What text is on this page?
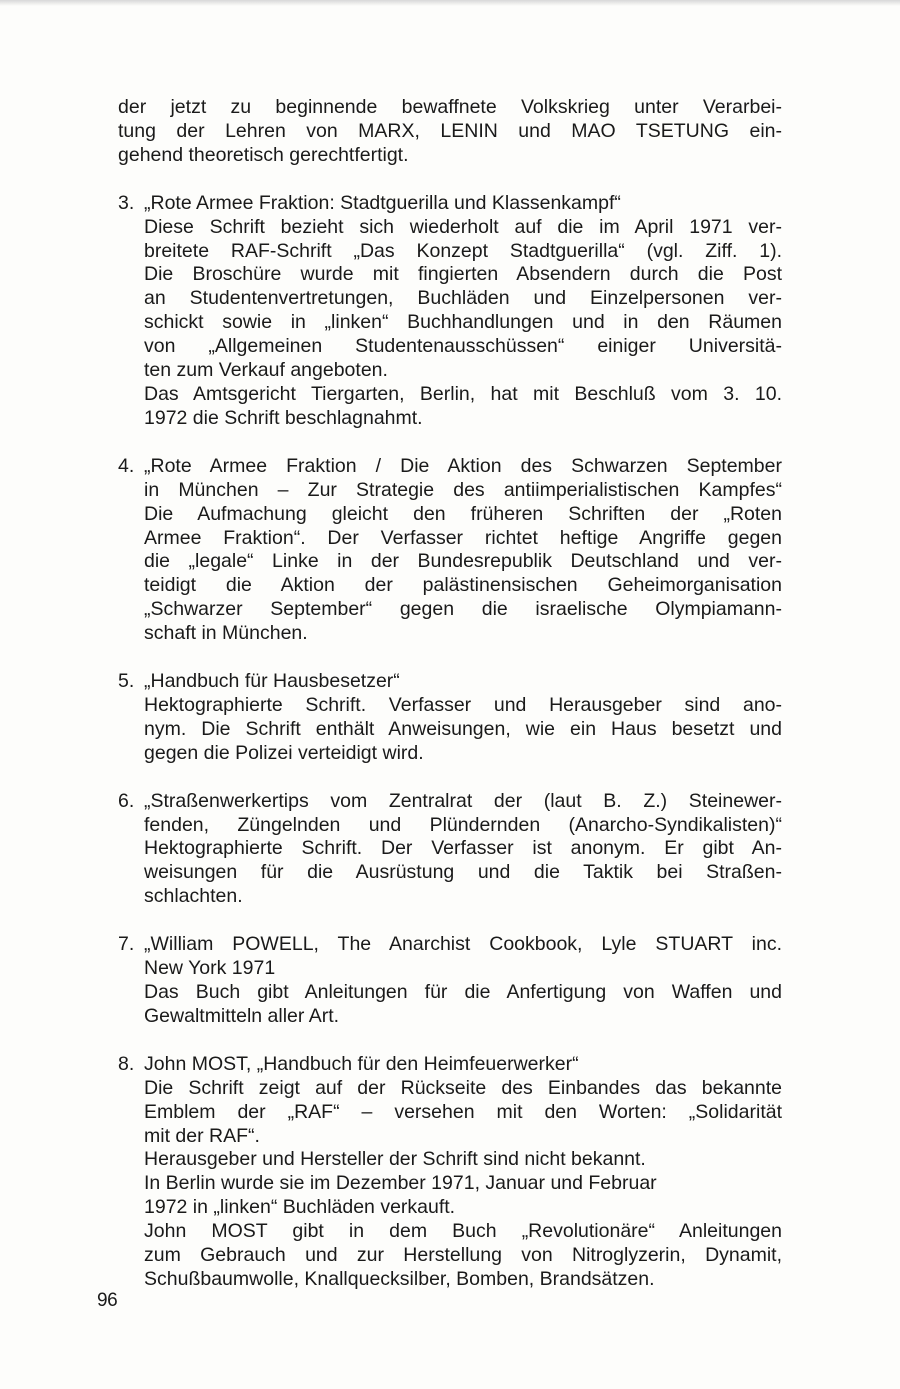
der jetzt zu beginnende bewaffnete Volkskrieg unter Verarbei-
tung der Lehren von MARX, LENIN und MAO TSETUNG ein-
gehend theoretisch gerechtfertigt.
3. „Rote Armee Fraktion: Stadtguerilla und Klassenkampf“
Diese Schrift bezieht sich wiederholt auf die im April 1971 ver-
breitete RAF-Schrift „Das Konzept Stadtguerilla“ (vgl. Ziff. 1).
Die Broschüre wurde mit fingierten Absendern durch die Post
an Studentenvertretungen, Buchläden und Einzelpersonen ver-
schickt sowie in „linken“ Buchhandlungen und in den Räumen
von „Allgemeinen Studentenausschüssen“ einiger Universitä-
ten zum Verkauf angeboten.
Das Amtsgericht Tiergarten, Berlin, hat mit Beschluß vom 3. 10.
1972 die Schrift beschlagnahmt.
4. „Rote Armee Fraktion / Die Aktion des Schwarzen September
in München – Zur Strategie des antiimperialistischen Kampfes“
Die Aufmachung gleicht den früheren Schriften der „Roten
Armee Fraktion“. Der Verfasser richtet heftige Angriffe gegen
die „legale“ Linke in der Bundesrepublik Deutschland und ver-
teidigt die Aktion der palästinensischen Geheimorganisation
„Schwarzer September“ gegen die israelische Olympiamann-
schaft in München.
5. „Handbuch für Hausbesetzer“
Hektographierte Schrift. Verfasser und Herausgeber sind ano-
nym. Die Schrift enthält Anweisungen, wie ein Haus besetzt und
gegen die Polizei verteidigt wird.
6. „Straßenwerkertips vom Zentralrat der (laut B. Z.) Steinewer-
fenden, Züngelnden und Plündernden (Anarcho-Syndikalisten)“
Hektographierte Schrift. Der Verfasser ist anonym. Er gibt An-
weisungen für die Ausrüstung und die Taktik bei Straßen-
schlachten.
7. „William POWELL, The Anarchist Cookbook, Lyle STUART inc.
New York 1971
Das Buch gibt Anleitungen für die Anfertigung von Waffen und
Gewaltmitteln aller Art.
8. John MOST, „Handbuch für den Heimfeuerwerker“
Die Schrift zeigt auf der Rückseite des Einbandes das bekannte
Emblem der „RAF“ – versehen mit den Worten: „Solidarität
mit der RAF“.
Herausgeber und Hersteller der Schrift sind nicht bekannt.
In Berlin wurde sie im Dezember 1971, Januar und Februar
1972 in „linken“ Buchläden verkauft.
John MOST gibt in dem Buch „Revolutionäre“ Anleitungen
zum Gebrauch und zur Herstellung von Nitroglyzerin, Dynamit,
Schußbaumwolle, Knallquecksilber, Bomben, Brandsätzen.
96
